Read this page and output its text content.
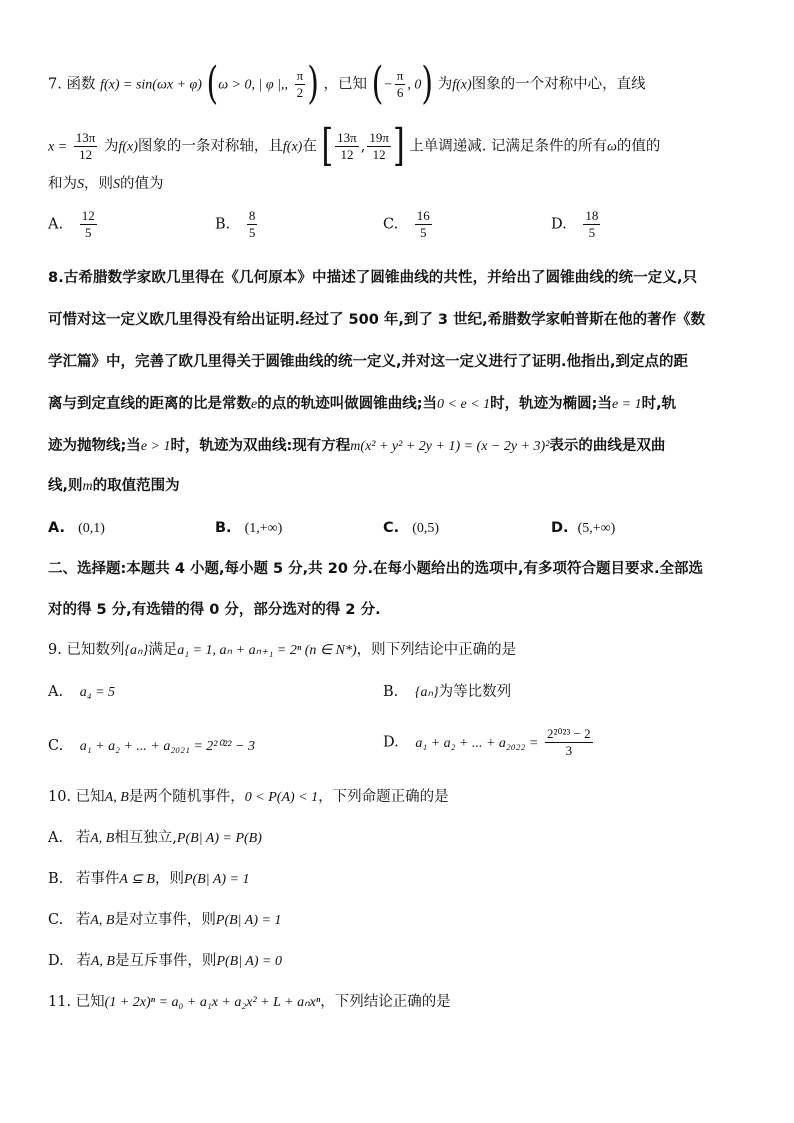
7. 函数 f(x) = sin(ωx + φ) (ω > 0, | φ |,, $\frac{\pi}{2}$ ) ，已知 (− $\frac{\pi}{6}$ , 0) 为f(x)图象的一个对称中心，直线
$x = \frac{13\pi}{12}$ 为f(x)图象的一条对称轴，且f(x)在 [ $\frac{13\pi}{12}$ , $\frac{19\pi}{12}$ ] 上单调递减. 记满足条件的所有ω的值的
和为S，则S的值为
A. $\frac{12}{5}$	B. $\frac{8}{5}$	C. $\frac{16}{5}$	D. $\frac{18}{5}$
8.古希腊数学家欧几里得在《几何原本》中描述了圆锥曲线的共性，并给出了圆锥曲线的统一定义,只
可惜对这一定义欧几里得没有给出证明.经过了 500 年,到了 3 世纪,希腊数学家帕普斯在他的著作《数
学汇篇》中，完善了欧几里得关于圆锥曲线的统一定义,并对这一定义进行了证明.他指出,到定点的距
离与到定直线的距离的比是常数e的点的轨迹叫做圆锥曲线;当0 < e < 1时，轨迹为椭圆;当e = 1时,轨
迹为抛物线;当e > 1时，轨迹为双曲线:现有方程m(x² + y² + 2y + 1) = (x − 2y + 3)²表示的曲线是双曲
线,则m的取值范围为
A. (0,1)	B. (1,+∞)	C. (0,5)	D. (5,+∞)
二、选择题:本题共 4 小题,每小题 5 分,共 20 分.在每小题给出的选项中,有多项符合题目要求.全部选
对的得 5 分,有选错的得 0 分，部分选对的得 2 分.
9. 已知数列{aₙ}满足a₁ = 1, aₙ + aₙ₊₁ = 2ⁿ (n ∈ N*)，则下列结论中正确的是
A. a₄ = 5	B. {aₙ}为等比数列
C. a₁ + a₂ + ... + a₂₀₂₁ = 2²⁰²² − 3	D. a₁ + a₂ + ... + $a_{2022} = \frac{\text{2²⁰²³ − 2}}{3}$
10. 已知A, B是两个随机事件，0 < P(A) < 1，下列命题正确的是
A. 若A, B相互独立,P(B| A) = P(B)
B. 若事件A ⊆ B，则P(B| A) = 1
C. 若A, B是对立事件，则P(B| A) = 1
D. 若A, B是互斥事件，则P(B| A) = 0
11. 已知(1 + 2x)ⁿ = a₀ + a₁x + a₂x² + L + aₙxⁿ，下列结论正确的是
